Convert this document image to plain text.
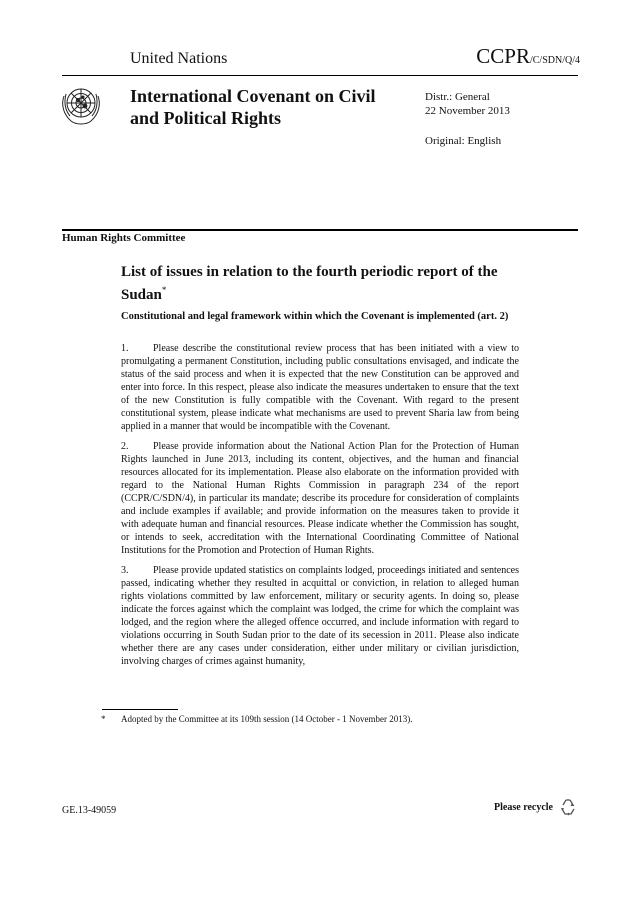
United Nations	CCPR/C/SDN/Q/4
International Covenant on Civil and Political Rights
Distr.: General
22 November 2013
Original: English
Human Rights Committee
List of issues in relation to the fourth periodic report of the Sudan*
Constitutional and legal framework within which the Covenant is implemented (art. 2)

1. Please describe the constitutional review process that has been initiated with a view to promulgating a permanent Constitution, including public consultations envisaged, and indicate the status of the said process and when it is expected that the new Constitution can be approved and enter into force. In this respect, please also indicate the measures undertaken to ensure that the text of the new Constitution is fully compatible with the Covenant. With regard to the present constitutional system, please indicate what mechanisms are used to prevent Sharia law from being applied in a manner that would be incompatible with the Covenant.

2. Please provide information about the National Action Plan for the Protection of Human Rights launched in June 2013, including its content, objectives, and the human and financial resources allocated for its implementation. Please also elaborate on the information provided with regard to the National Human Rights Commission in paragraph 234 of the report (CCPR/C/SDN/4), in particular its mandate; describe its procedure for consideration of complaints and include examples if available; and provide information on the measures taken to provide it with adequate human and financial resources. Please indicate whether the Commission has sought, or intends to seek, accreditation with the International Coordinating Committee of National Institutions for the Promotion and Protection of Human Rights.

3. Please provide updated statistics on complaints lodged, proceedings initiated and sentences passed, indicating whether they resulted in acquittal or conviction, in relation to alleged human rights violations committed by law enforcement, military or security agents. In doing so, please indicate the forces against which the complaint was lodged, the crime for which the complaint was lodged, and the region where the alleged offence occurred, and include information with regard to violations occurring in South Sudan prior to the date of its secession in 2011. Please also indicate whether there are any cases under consideration, either under military or civilian jurisdiction, involving charges of crimes against humanity,

* Adopted by the Committee at its 109th session (14 October - 1 November 2013).
GE.13-49059	Please recycle
